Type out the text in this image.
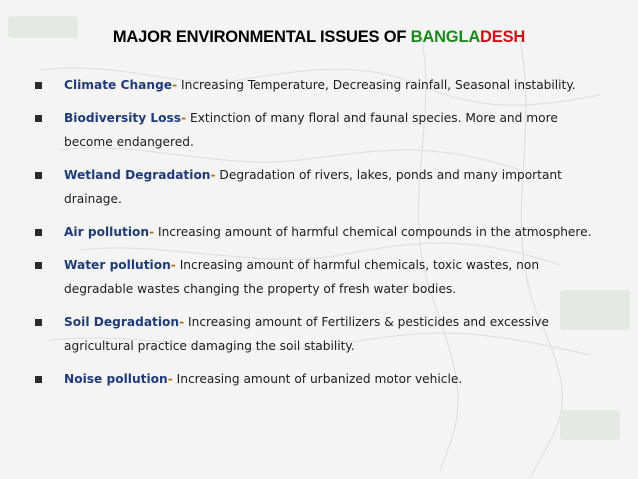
MAJOR ENVIRONMENTAL ISSUES OF BANGLADESH
Climate Change- Increasing Temperature, Decreasing rainfall, Seasonal instability.
Biodiversity Loss- Extinction of many floral and faunal species. More and more become endangered.
Wetland Degradation- Degradation of rivers, lakes, ponds and many important drainage.
Air pollution- Increasing amount of harmful chemical compounds in the atmosphere.
Water pollution- Increasing amount of harmful chemicals, toxic wastes, non degradable wastes changing the property of fresh water bodies.
Soil Degradation- Increasing amount of Fertilizers & pesticides and excessive agricultural practice damaging the soil stability.
Noise pollution- Increasing amount of urbanized motor vehicle.
